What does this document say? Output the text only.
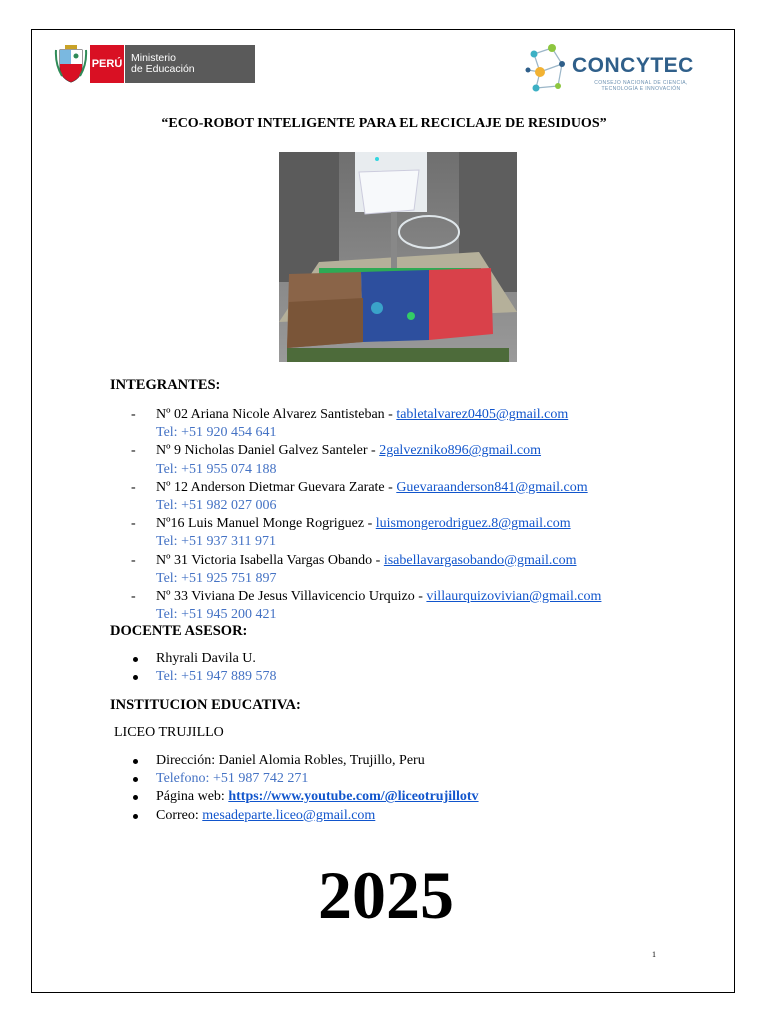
PERÚ Ministerio
de Educación	CONCYTEC
CONSEJO NACIONAL DE CIENCIA,
TECNOLOGÍA E INNOVACIÓN
“ECO-ROBOT INTELIGENTE PARA EL RECICLAJE DE RESIDUOS”
INTEGRANTES:
- Nº 02 Ariana Nicole Alvarez Santisteban - tabletalvarez0405@gmail.com
Tel: +51 920 454 641
- Nº 9 Nicholas Daniel Galvez Santeler - 2galvezniko896@gmail.com
Tel: +51 955 074 188
- Nº 12 Anderson Dietmar Guevara Zarate - Guevaraanderson841@gmail.com
Tel: +51 982 027 006
- Nº16 Luis Manuel Monge Rogriguez - luismongerodriguez.8@gmail.com
Tel: +51 937 311 971
- Nº 31 Victoria Isabella Vargas Obando - isabellavargasobando@gmail.com
Tel: +51 925 751 897
- Nº 33 Viviana De Jesus Villavicencio Urquizo - villaurquizovivian@gmail.com
Tel: +51 945 200 421
DOCENTE ASESOR:
Rhyrali Davila U.
Tel: +51 947 889 578
INSTITUCION EDUCATIVA:
LICEO TRUJILLO
Dirección: Daniel Alomia Robles, Trujillo, Peru
Telefono: +51 987 742 271
Página web: https://www.youtube.com/@liceotrujillotv
Correo: mesadeparte.liceo@gmail.com
2025
1
